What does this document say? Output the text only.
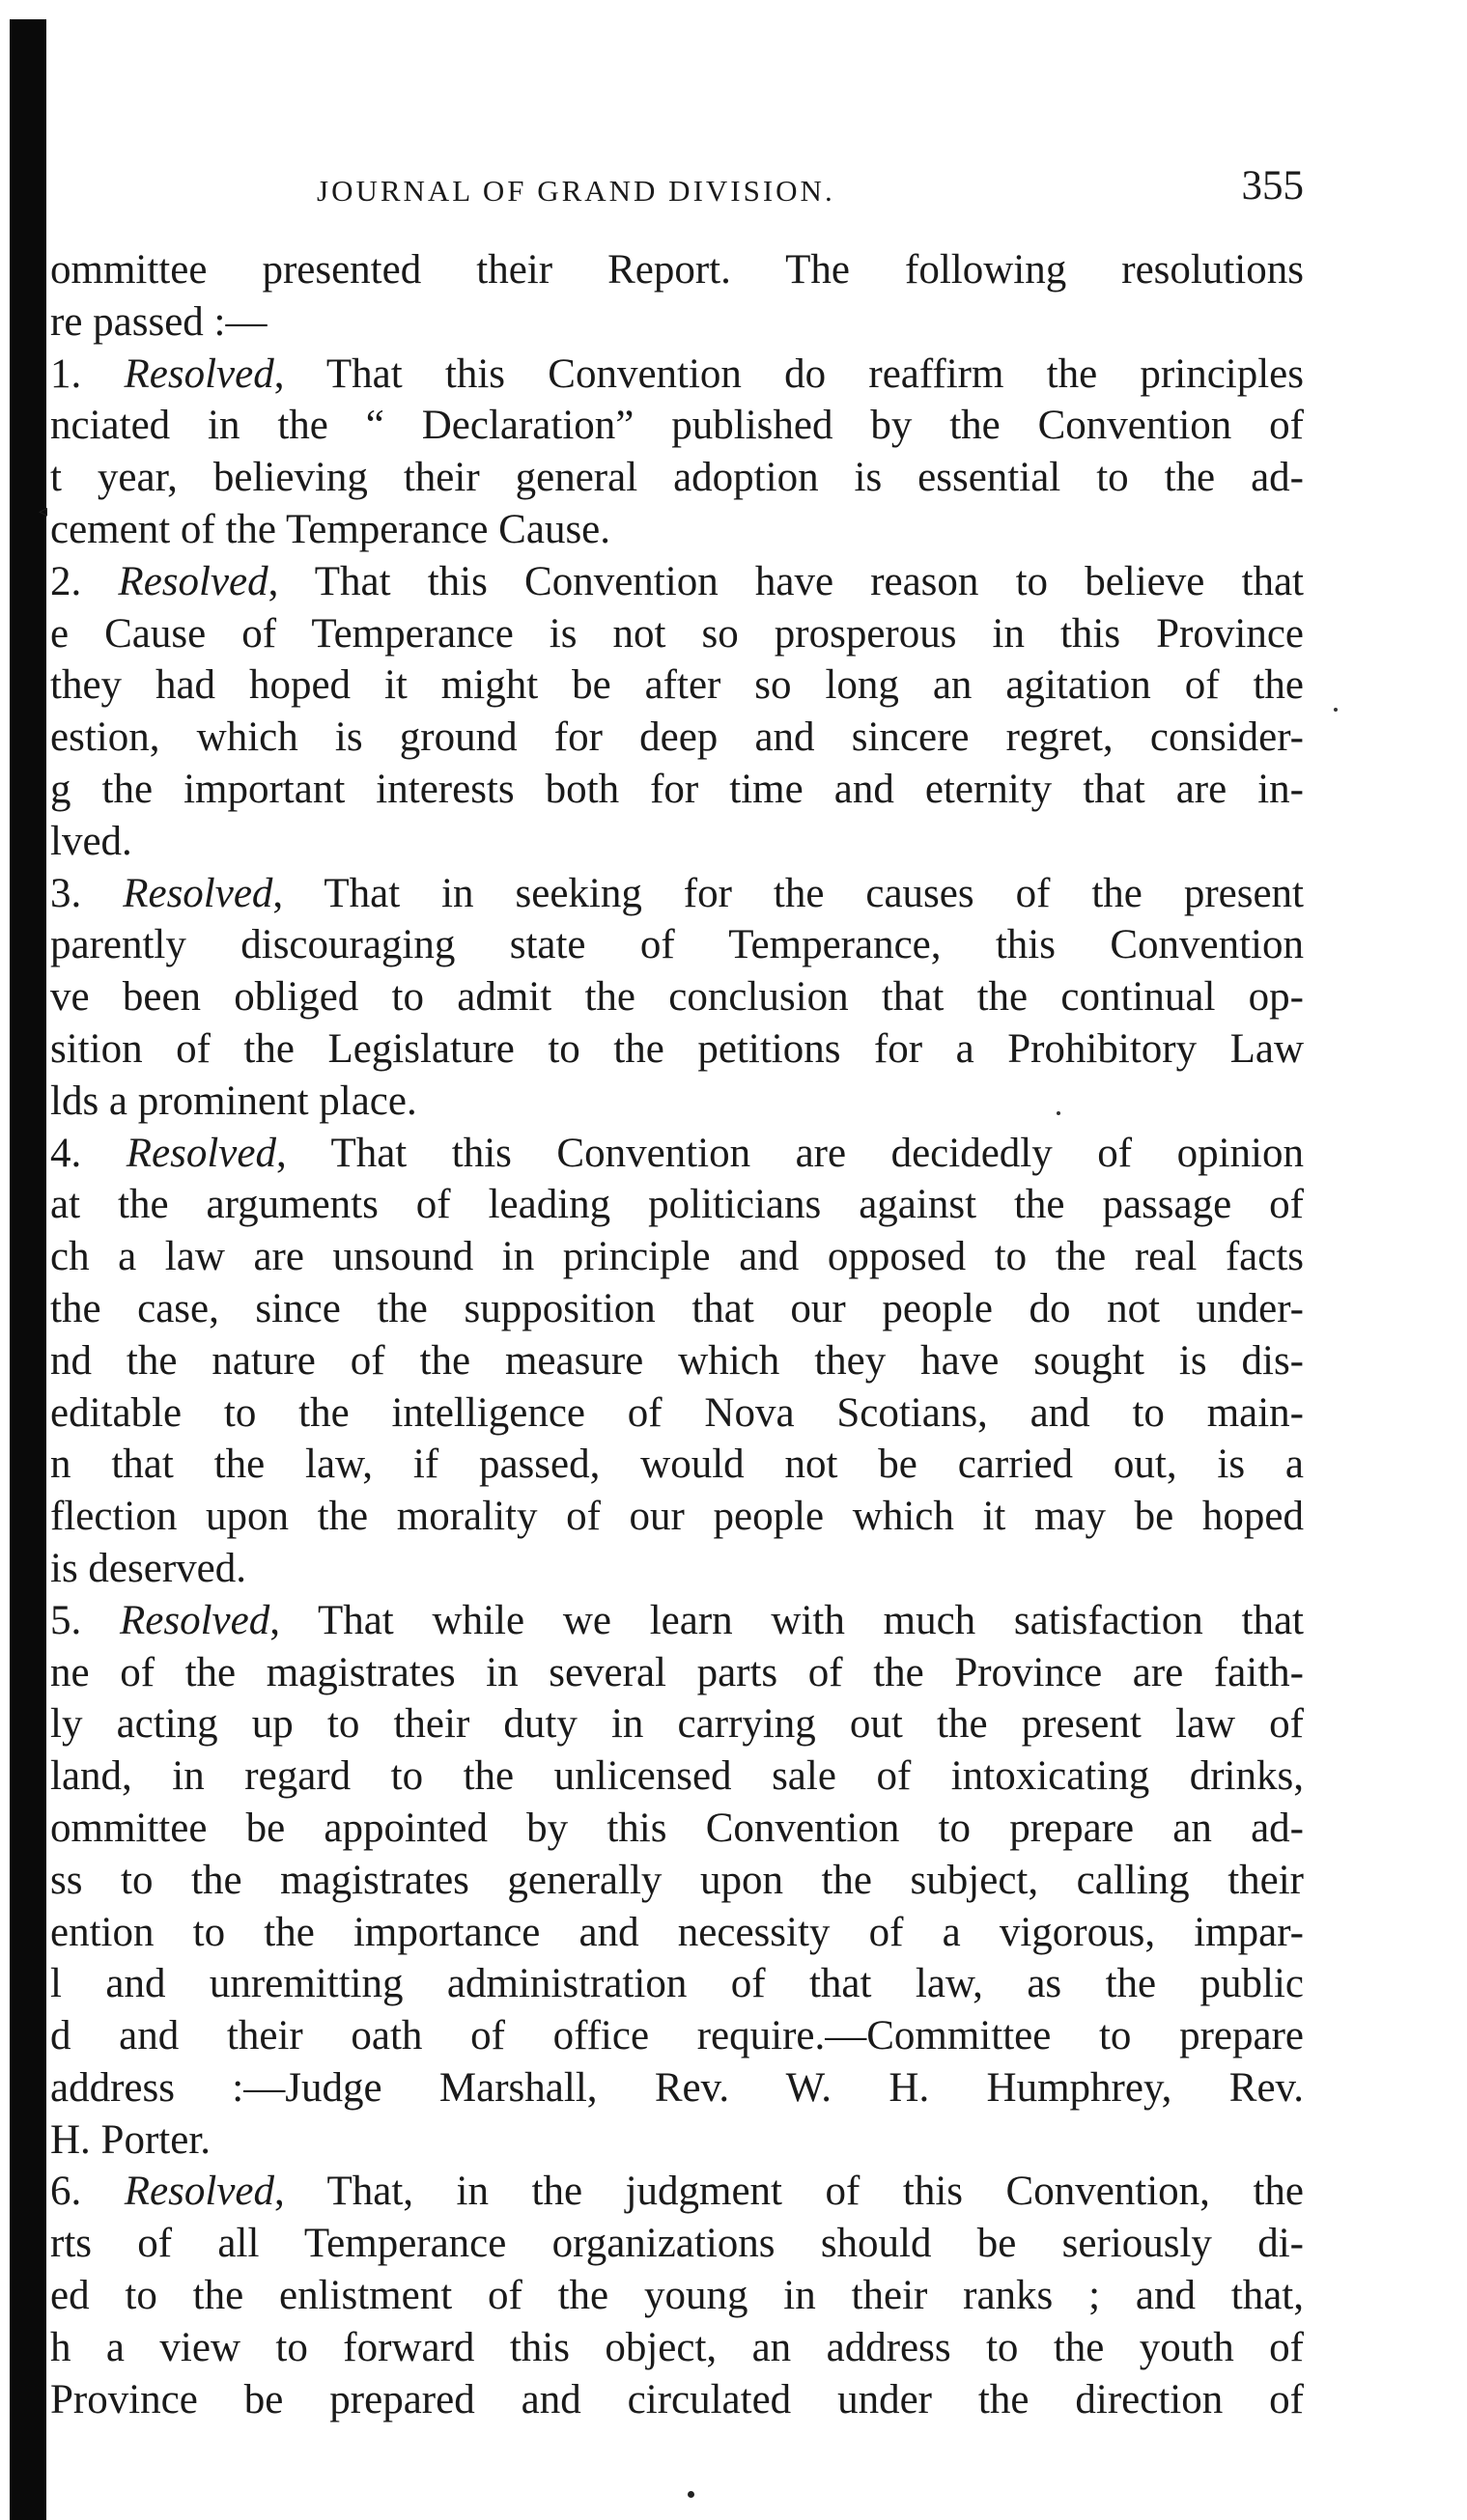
◃
JOURNAL OF GRAND DIVISION.	355
ommittee presented their Report. The following resolutions
re passed :—
1. Resolved, That this Convention do reaffirm the principles
nciated in the “ Declaration” published by the Convention of
t year, believing their general adoption is essential to the ad-
cement of the Temperance Cause.
2. Resolved, That this Convention have reason to believe that
e Cause of Temperance is not so prosperous in this Province
they had hoped it might be after so long an agitation of the
estion, which is ground for deep and sincere regret, consider-
g the important interests both for time and eternity that are in-
lved.
3. Resolved, That in seeking for the causes of the present
parently discouraging state of Temperance, this Convention
ve been obliged to admit the conclusion that the continual op-
sition of the Legislature to the petitions for a Prohibitory Law
lds a prominent place.
4. Resolved, That this Convention are decidedly of opinion
at the arguments of leading politicians against the passage of
ch a law are unsound in principle and opposed to the real facts
the case, since the supposition that our people do not under-
nd the nature of the measure which they have sought is dis-
editable to the intelligence of Nova Scotians, and to main-
n that the law, if passed, would not be carried out, is a
flection upon the morality of our people which it may be hoped
is deserved.
5. Resolved, That while we learn with much satisfaction that
ne of the magistrates in several parts of the Province are faith-
ly acting up to their duty in carrying out the present law of
land, in regard to the unlicensed sale of intoxicating drinks,
ommittee be appointed by this Convention to prepare an ad-
ss to the magistrates generally upon the subject, calling their
ention to the importance and necessity of a vigorous, impar-
l and unremitting administration of that law, as the public
d and their oath of office require.—Committee to prepare
address :—Judge Marshall, Rev. W. H. Humphrey, Rev.
H. Porter.
6. Resolved, That, in the judgment of this Convention, the
rts of all Temperance organizations should be seriously di-
ed to the enlistment of the young in their ranks ; and that,
h a view to forward this object, an address to the youth of
Province be prepared and circulated under the direction of
